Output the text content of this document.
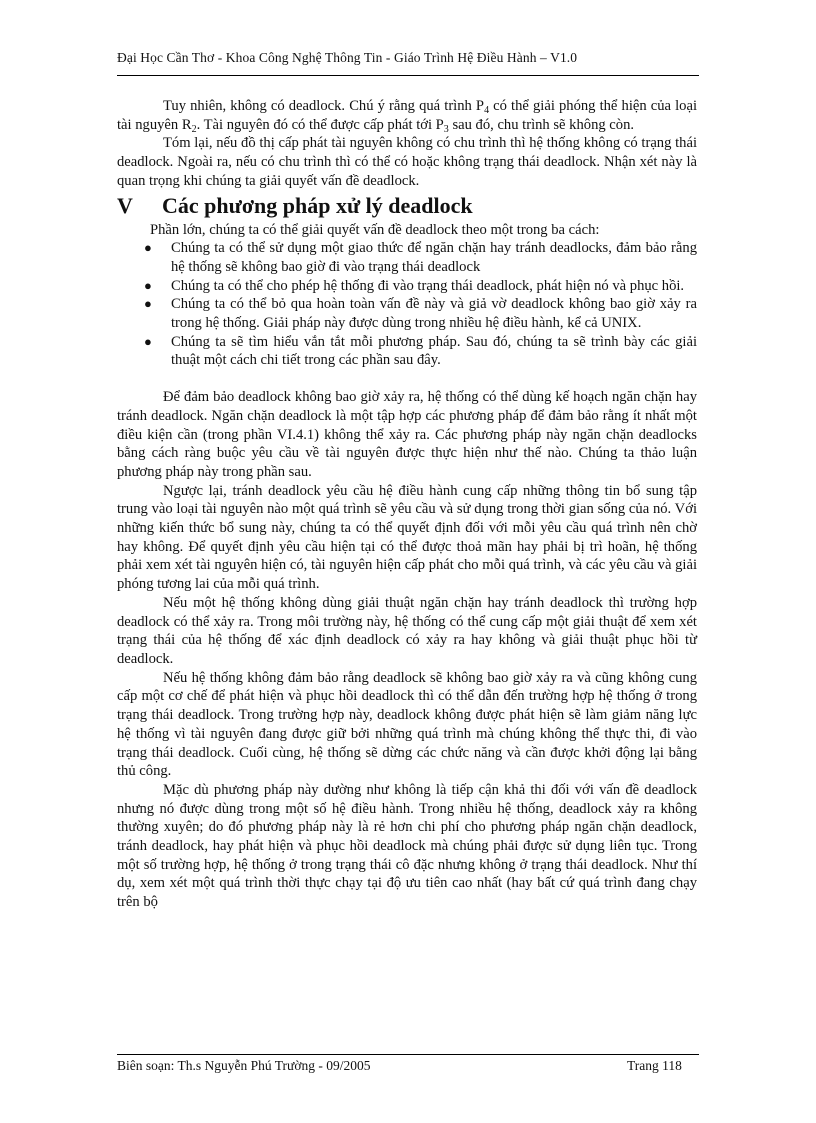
Đại Học Cần Thơ - Khoa Công Nghệ Thông Tin - Giáo Trình Hệ Điều Hành – V1.0

Tuy nhiên, không có deadlock. Chú ý rằng quá trình $P_4$ có thể giải phóng thể hiện của loại tài nguyên $R_2$. Tài nguyên đó có thể được cấp phát tới $P_3$ sau đó, chu trình sẽ không còn.

Tóm lại, nếu đồ thị cấp phát tài nguyên không có chu trình thì hệ thống không có trạng thái deadlock. Ngoài ra, nếu có chu trình thì có thể có hoặc không trạng thái deadlock. Nhận xét này là quan trọng khi chúng ta giải quyết vấn đề deadlock.

V Các phương pháp xử lý deadlock

Phần lớn, chúng ta có thể giải quyết vấn đề deadlock theo một trong ba cách:

● Chúng ta có thể sử dụng một giao thức để ngăn chặn hay tránh deadlocks, đảm bảo rằng hệ thống sẽ không bao giờ đi vào trạng thái deadlock
● Chúng ta có thể cho phép hệ thống đi vào trạng thái deadlock, phát hiện nó và phục hồi.
● Chúng ta có thể bỏ qua hoàn toàn vấn đề này và giả vờ deadlock không bao giờ xảy ra trong hệ thống. Giải pháp này được dùng trong nhiều hệ điều hành, kể cả UNIX.
● Chúng ta sẽ tìm hiểu vắn tắt mỗi phương pháp. Sau đó, chúng ta sẽ trình bày các giải thuật một cách chi tiết trong các phần sau đây.

Để đảm bảo deadlock không bao giờ xảy ra, hệ thống có thể dùng kế hoạch ngăn chặn hay tránh deadlock. Ngăn chặn deadlock là một tập hợp các phương pháp để đảm bảo rằng ít nhất một điều kiện cần (trong phần VI.4.1) không thể xảy ra. Các phương pháp này ngăn chặn deadlocks bằng cách ràng buộc yêu cầu về tài nguyên được thực hiện như thế nào. Chúng ta thảo luận phương pháp này trong phần sau.

Ngược lại, tránh deadlock yêu cầu hệ điều hành cung cấp những thông tin bổ sung tập trung vào loại tài nguyên nào một quá trình sẽ yêu cầu và sử dụng trong thời gian sống của nó. Với những kiến thức bổ sung này, chúng ta có thể quyết định đối với mỗi yêu cầu quá trình nên chờ hay không. Để quyết định yêu cầu hiện tại có thể được thoả mãn hay phải bị trì hoãn, hệ thống phải xem xét tài nguyên hiện có, tài nguyên hiện cấp phát cho mỗi quá trình, và các yêu cầu và giải phóng tương lai của mỗi quá trình.

Nếu một hệ thống không dùng giải thuật ngăn chặn hay tránh deadlock thì trường hợp deadlock có thể xảy ra. Trong môi trường này, hệ thống có thể cung cấp một giải thuật để xem xét trạng thái của hệ thống để xác định deadlock có xảy ra hay không và giải thuật phục hồi từ deadlock.

Nếu hệ thống không đảm bảo rằng deadlock sẽ không bao giờ xảy ra và cũng không cung cấp một cơ chế để phát hiện và phục hồi deadlock thì có thể dẫn đến trường hợp hệ thống ở trong trạng thái deadlock. Trong trường hợp này, deadlock không được phát hiện sẽ làm giảm năng lực hệ thống vì tài nguyên đang được giữ bởi những quá trình mà chúng không thể thực thi, đi vào trạng thái deadlock. Cuối cùng, hệ thống sẽ dừng các chức năng và cần được khởi động lại bằng thủ công.

Mặc dù phương pháp này dường như không là tiếp cận khả thi đối với vấn đề deadlock nhưng nó được dùng trong một số hệ điều hành. Trong nhiều hệ thống, deadlock xảy ra không thường xuyên; do đó phương pháp này là rẻ hơn chi phí cho phương pháp ngăn chặn deadlock, tránh deadlock, hay phát hiện và phục hồi deadlock mà chúng phải được sử dụng liên tục. Trong một số trường hợp, hệ thống ở trong trạng thái cô đặc nhưng không ở trạng thái deadlock. Như thí dụ, xem xét một quá trình thời thực chạy tại độ ưu tiên cao nhất (hay bất cứ quá trình đang chạy trên bộ

Biên soạn: Th.s Nguyễn Phú Trường - 09/2005	Trang 118
